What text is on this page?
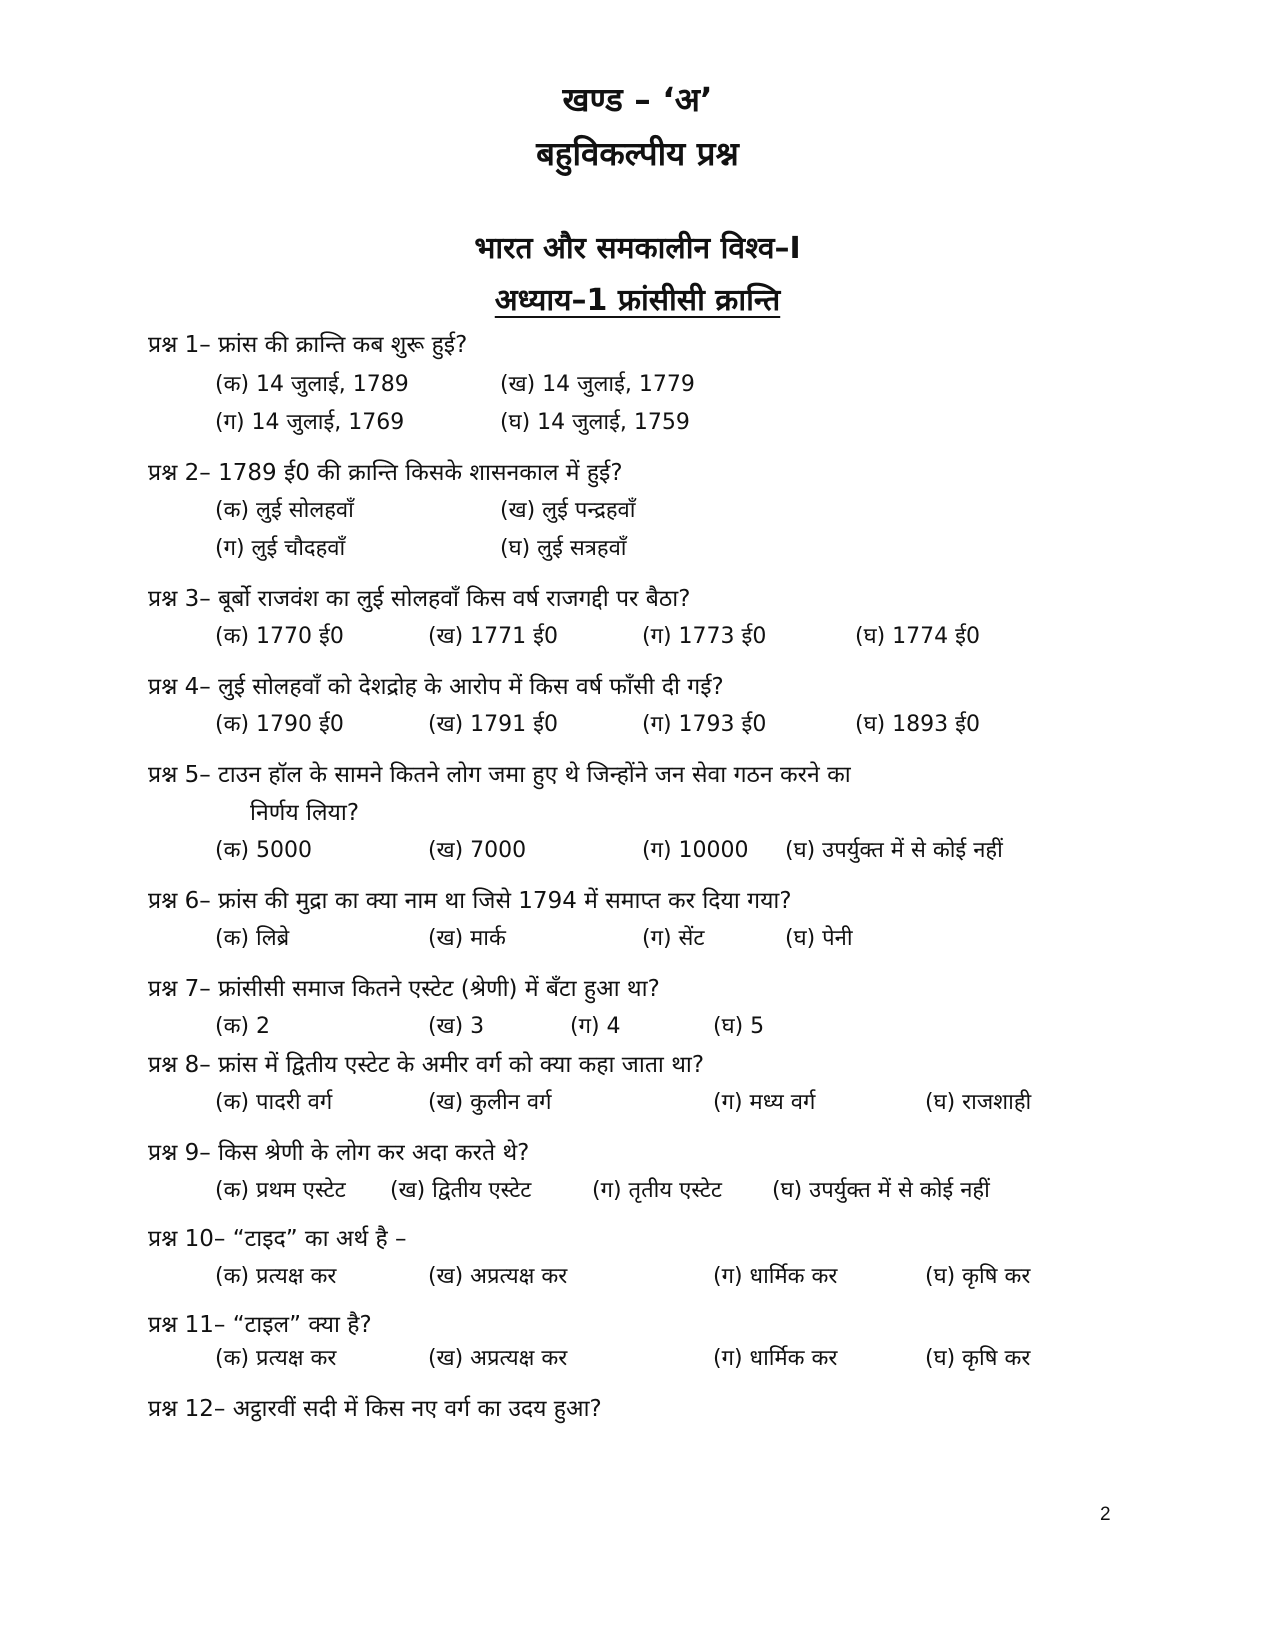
खण्ड – ‘अ’
बहुविकल्पीय प्रश्न
भारत और समकालीन विश्व–I
अध्याय–1 फ्रांसीसी क्रान्ति
प्रश्न 1– फ्रांस की क्रान्ति कब शुरू हुई?
(क) 14 जुलाई, 1789	(ख) 14 जुलाई, 1779
(ग) 14 जुलाई, 1769	(घ) 14 जुलाई, 1759
प्रश्न 2– 1789 ई0 की क्रान्ति किसके शासनकाल में हुई?
(क) लुई सोलहवाँ	(ख) लुई पन्द्रहवाँ
(ग) लुई चौदहवाँ	(घ) लुई सत्रहवाँ
प्रश्न 3– बूर्बो राजवंश का लुई सोलहवाँ किस वर्ष राजगद्दी पर बैठा?
(क) 1770 ई0	(ख) 1771 ई0	(ग) 1773 ई0	(घ) 1774 ई0
प्रश्न 4– लुई सोलहवाँ को देशद्रोह के आरोप में किस वर्ष फाँसी दी गई?
(क) 1790 ई0	(ख) 1791 ई0	(ग) 1793 ई0	(घ) 1893 ई0
प्रश्न 5– टाउन हॉल के सामने कितने लोग जमा हुए थे जिन्होंने जन सेवा गठन करने का
निर्णय लिया?
(क) 5000	(ख) 7000	(ग) 10000 (घ) उपर्युक्त में से कोई नहीं
प्रश्न 6– फ्रांस की मुद्रा का क्या नाम था जिसे 1794 में समाप्त कर दिया गया?
(क) लिब्रे	(ख) मार्क	(ग) सेंट	(घ) पेनी
प्रश्न 7– फ्रांसीसी समाज कितने एस्टेट (श्रेणी) में बँटा हुआ था?
(क) 2	(ख) 3	(ग) 4	(घ) 5
प्रश्न 8– फ्रांस में द्वितीय एस्टेट के अमीर वर्ग को क्या कहा जाता था?
(क) पादरी वर्ग	(ख) कुलीन वर्ग	(ग) मध्य वर्ग	(घ) राजशाही
प्रश्न 9– किस श्रेणी के लोग कर अदा करते थे?
(क) प्रथम एस्टेट (ख) द्वितीय एस्टेट	(ग) तृतीय एस्टेट (घ) उपर्युक्त में से कोई नहीं
प्रश्न 10– “टाइद” का अर्थ है –
(क) प्रत्यक्ष कर	(ख) अप्रत्यक्ष कर	(ग) धार्मिक कर	(घ) कृषि कर
प्रश्न 11– “टाइल” क्या है?
(क) प्रत्यक्ष कर	(ख) अप्रत्यक्ष कर	(ग) धार्मिक कर	(घ) कृषि कर
प्रश्न 12– अट्ठारवीं सदी में किस नए वर्ग का उदय हुआ?
2
